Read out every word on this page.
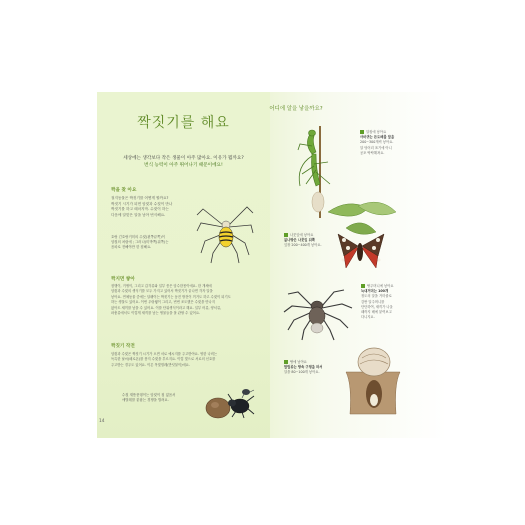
짝짓기를 해요
세상에는 생각보다 작은 생물이 아주 많아요. 이유가 뭘까요?
번식 능력이 아주 뛰어나기 때문이에요!
짝을 찾 아요
절지동물은 짝짓기를 어떻게 할까요?
짝짓기 시기가 되면 암컷과 수컷이 만나
짝짓기를 하고 때마지막. 수컷이 하는
다음에 알맞은 알을 낳아 번식해요.
호랑 긴호랑거미의 수컷(왼쪽끝쪽)이
암컷의 처럼에 ; 그러나(미박쪽(위쪽)는
음파로 전해야만 한 집해요.
짝지면 쌓아
잠행이, 거생이, 그리고 갑각류와 일부 종은 암수한몸이에요. 한 개체에
암컷과 수컷의 생식기를 모두 가지고 있어서 짝짓기가 끝나면 각자 알을
낳아요. 연체동물 중에는 달팽이는 짝짓기는 동전 방전이 끼거도 하고 수컷이 되기도
하는 생물도 있어요. 이번 우렁쉥이 그리고, 번번 조도했은 수컷을 만나지
않아도 새끼를 낳을 수 있어요. 이를 단위생식이라고 해요. 일부 어류, 양서류,
파충류에서도 이렇게 새끼를 낳는 생물들을 볼 관할 수 있어요.
짝짓기 작전
암컷과 수컷은 짝짓기 시기가 오면 서로 예시지를 주고받아요. 영한 나비는
독특한 날씨(페로몬)를 풍겨 수컷을 부르지요. 이렇 빛으로 서로의 신호를
주고받는 경우도 있어요. 이른 목빛벌레(반딧불이)에요.
수컷 재똥풍뎅이는 암컷이 집 없음서
애벌레를 붙잡는 경쟁을 벌려요.
14
어디에 알을 낳을까요?
알집에 낳아요
사마귀는 돈도배를 알을
200~300개씩 낳아요.
알 덩어리 표기에 아니
공포 딱딱해져요.
나뭇잎에 낳아요
불나방은 나뭇잎 뒤쪽
잎장 200~400개 낳아요.
땅주머니에 낳아요
늑대거미는 100개
정도의 알을 거미줄로
감싼 알주머니를
단단하여, 새끼가 나올
때까지 배에 붙여보고
다니지요.
땅에 낳아요
말벌류는 땅속 구멍을 파서
알을 80~100개 낳아요.
